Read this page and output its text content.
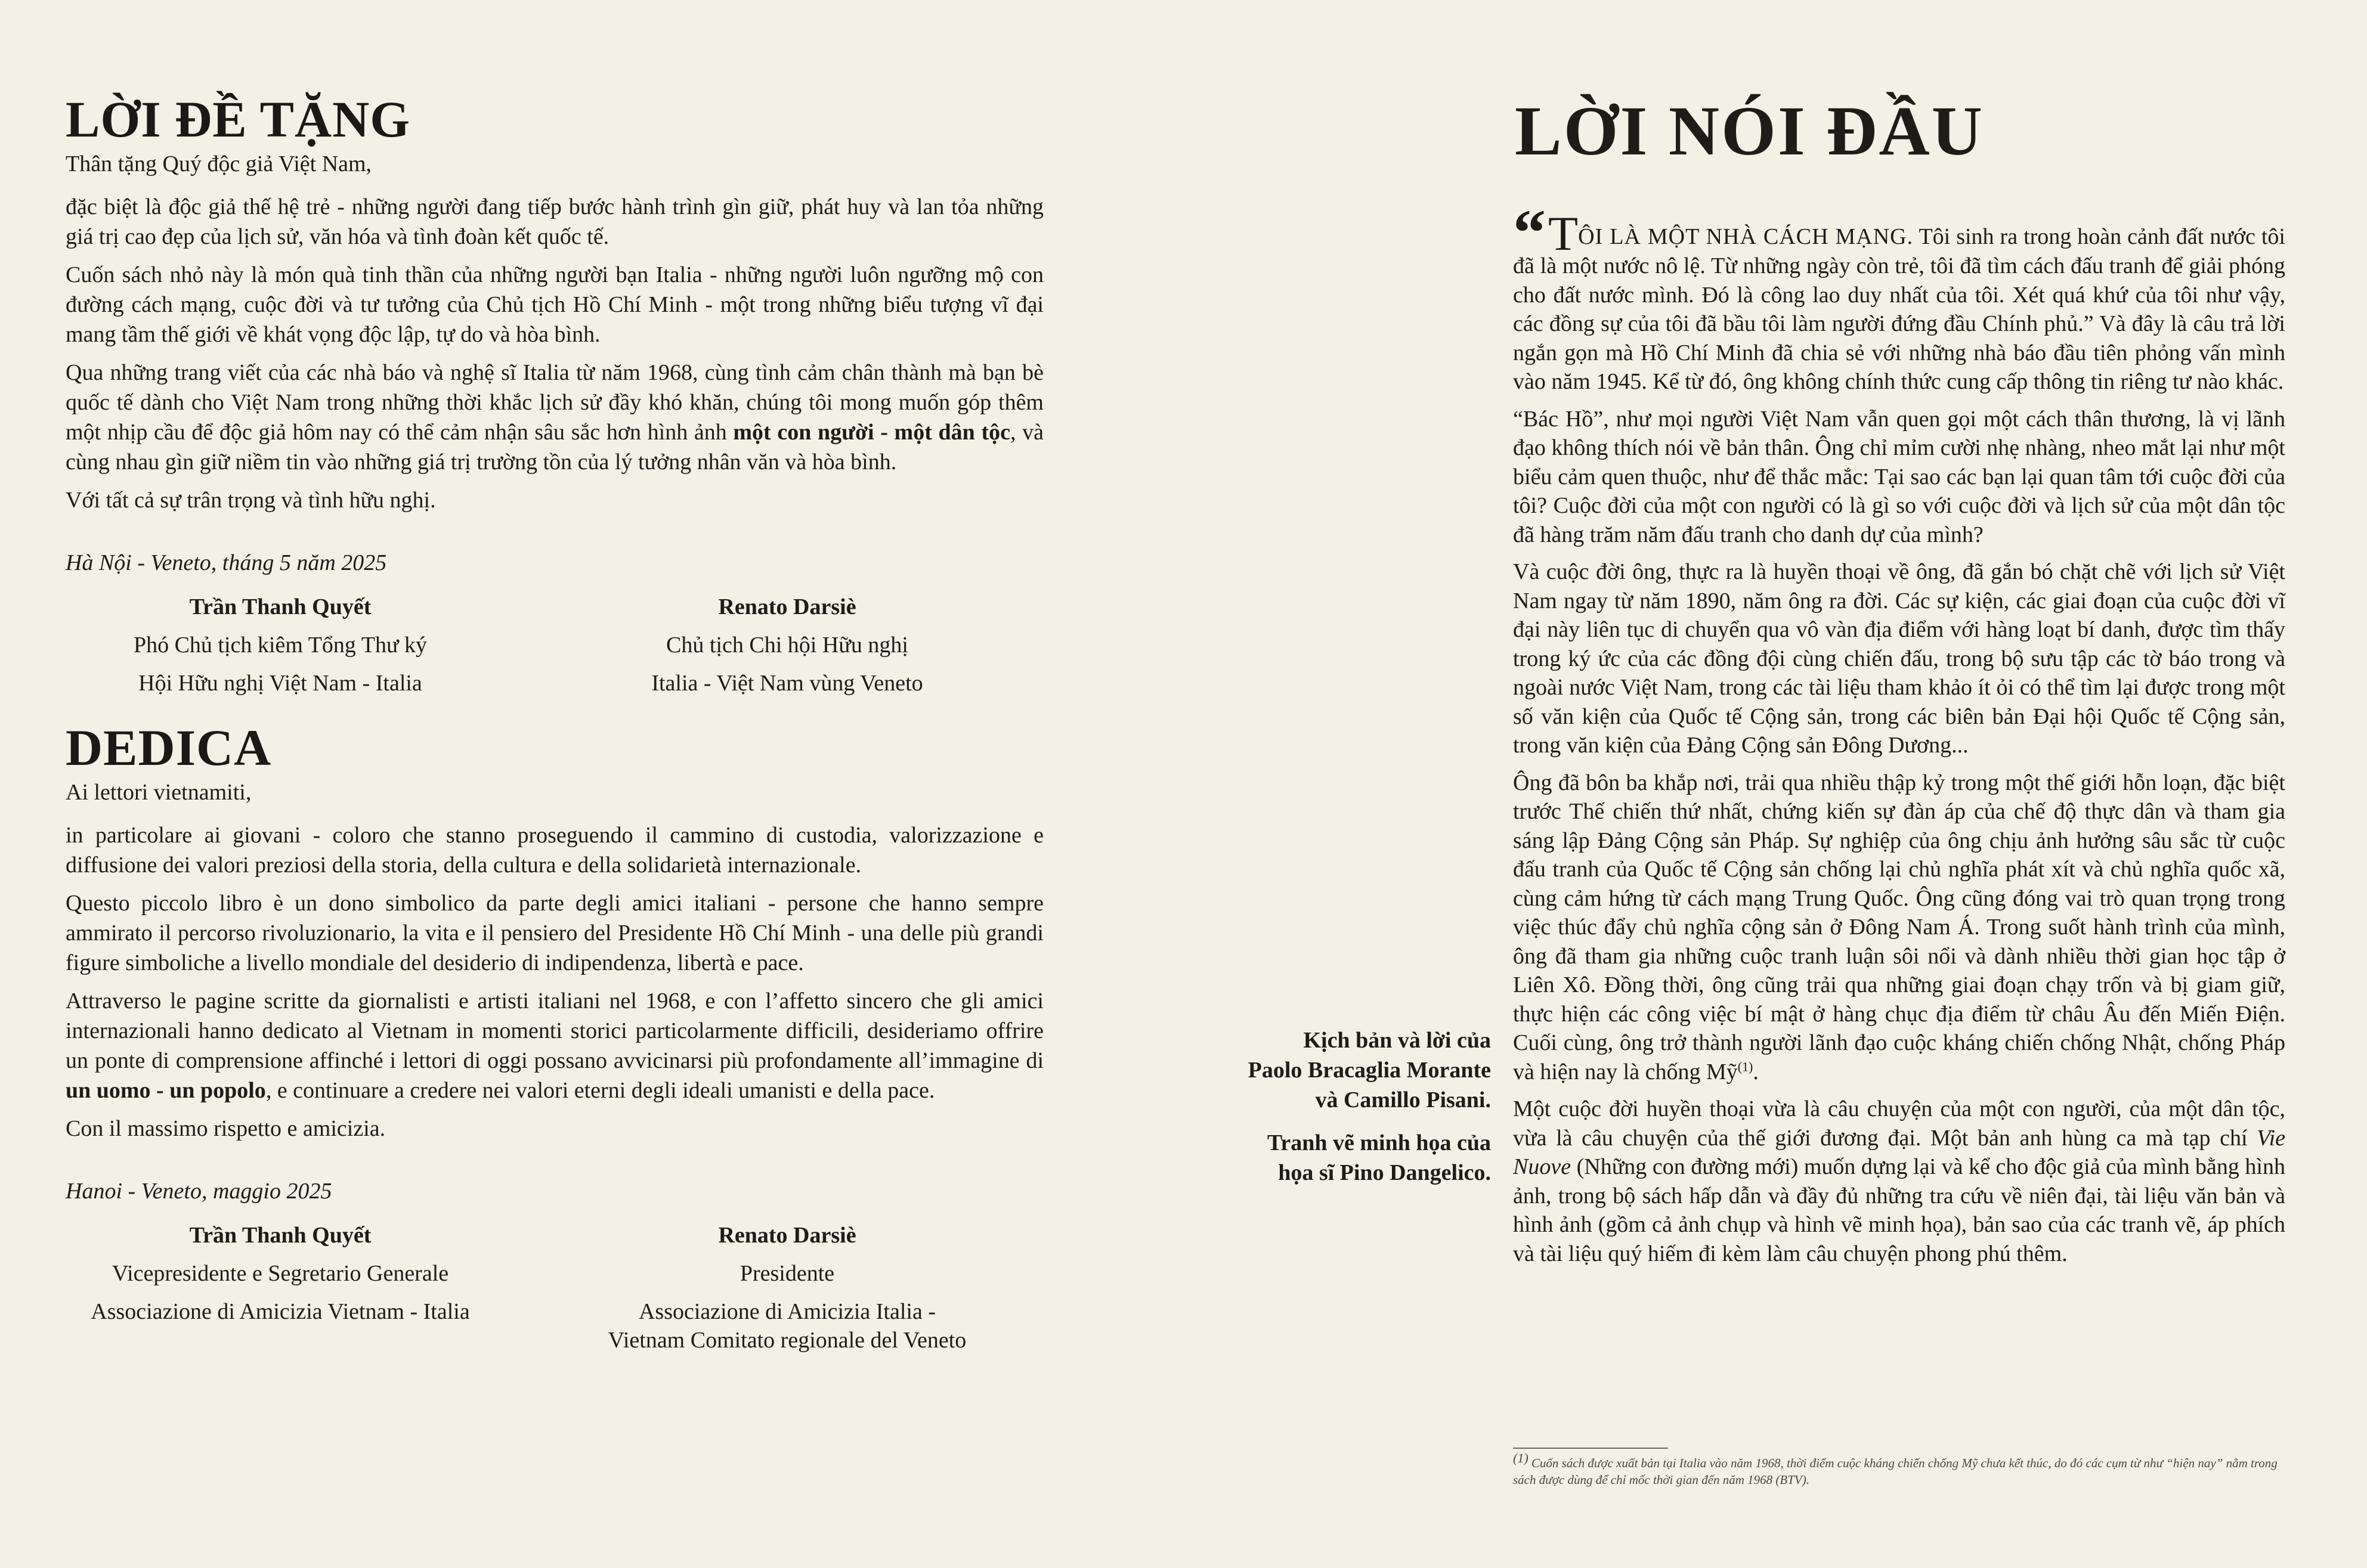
LỜI ĐỀ TẶNG

Thân tặng Quý độc giả Việt Nam,

đặc biệt là độc giả thế hệ trẻ - những người đang tiếp bước hành trình gìn giữ, phát huy và lan tỏa những giá trị cao đẹp của lịch sử, văn hóa và tình đoàn kết quốc tế.

Cuốn sách nhỏ này là món quà tinh thần của những người bạn Italia - những người luôn ngưỡng mộ con đường cách mạng, cuộc đời và tư tưởng của Chủ tịch Hồ Chí Minh - một trong những biểu tượng vĩ đại mang tầm thế giới về khát vọng độc lập, tự do và hòa bình.

Qua những trang viết của các nhà báo và nghệ sĩ Italia từ năm 1968, cùng tình cảm chân thành mà bạn bè quốc tế dành cho Việt Nam trong những thời khắc lịch sử đầy khó khăn, chúng tôi mong muốn góp thêm một nhịp cầu để độc giả hôm nay có thể cảm nhận sâu sắc hơn hình ảnh một con người - một dân tộc, và cùng nhau gìn giữ niềm tin vào những giá trị trường tồn của lý tưởng nhân văn và hòa bình.

Với tất cả sự trân trọng và tình hữu nghị.

Hà Nội - Veneto, tháng 5 năm 2025

Trần Thanh Quyết
Phó Chủ tịch kiêm Tổng Thư ký
Hội Hữu nghị Việt Nam - Italia
Renato Darsiè
Chủ tịch Chi hội Hữu nghị
Italia - Việt Nam vùng Veneto
DEDICA

Ai lettori vietnamiti,

in particolare ai giovani - coloro che stanno proseguendo il cammino di custodia, valorizzazione e diffusione dei valori preziosi della storia, della cultura e della solidarietà internazionale.

Questo piccolo libro è un dono simbolico da parte degli amici italiani - persone che hanno sempre ammirato il percorso rivoluzionario, la vita e il pensiero del Presidente Hồ Chí Minh - una delle più grandi figure simboliche a livello mondiale del desiderio di indipendenza, libertà e pace.

Attraverso le pagine scritte da giornalisti e artisti italiani nel 1968, e con l’affetto sincero che gli amici internazionali hanno dedicato al Vietnam in momenti storici particolarmente difficili, desideriamo offrire un ponte di comprensione affinché i lettori di oggi possano avvicinarsi più profondamente all’immagine di un uomo - un popolo, e continuare a credere nei valori eterni degli ideali umanisti e della pace.

Con il massimo rispetto e amicizia.

Hanoi - Veneto, maggio 2025

Trần Thanh Quyết
Vicepresidente e Segretario Generale
Associazione di Amicizia Vietnam - Italia
Renato Darsiè
Presidente
Associazione di Amicizia Italia -
Vietnam Comitato regionale del Veneto
LỜI NÓI ĐẦU

“TÔI LÀ MỘT NHÀ CÁCH MẠNG. Tôi sinh ra trong hoàn cảnh đất nước tôi đã là một nước nô lệ. Từ những ngày còn trẻ, tôi đã tìm cách đấu tranh để giải phóng cho đất nước mình. Đó là công lao duy nhất của tôi. Xét quá khứ của tôi như vậy, các đồng sự của tôi đã bầu tôi làm người đứng đầu Chính phủ.” Và đây là câu trả lời ngắn gọn mà Hồ Chí Minh đã chia sẻ với những nhà báo đầu tiên phỏng vấn mình vào năm 1945. Kể từ đó, ông không chính thức cung cấp thông tin riêng tư nào khác.

“Bác Hồ”, như mọi người Việt Nam vẫn quen gọi một cách thân thương, là vị lãnh đạo không thích nói về bản thân. Ông chỉ mỉm cười nhẹ nhàng, nheo mắt lại như một biểu cảm quen thuộc, như để thắc mắc: Tại sao các bạn lại quan tâm tới cuộc đời của tôi? Cuộc đời của một con người có là gì so với cuộc đời và lịch sử của một dân tộc đã hàng trăm năm đấu tranh cho danh dự của mình?

Và cuộc đời ông, thực ra là huyền thoại về ông, đã gắn bó chặt chẽ với lịch sử Việt Nam ngay từ năm 1890, năm ông ra đời. Các sự kiện, các giai đoạn của cuộc đời vĩ đại này liên tục di chuyển qua vô vàn địa điểm với hàng loạt bí danh, được tìm thấy trong ký ức của các đồng đội cùng chiến đấu, trong bộ sưu tập các tờ báo trong và ngoài nước Việt Nam, trong các tài liệu tham khảo ít ỏi có thể tìm lại được trong một số văn kiện của Quốc tế Cộng sản, trong các biên bản Đại hội Quốc tế Cộng sản, trong văn kiện của Đảng Cộng sản Đông Dương...

Ông đã bôn ba khắp nơi, trải qua nhiều thập kỷ trong một thế giới hỗn loạn, đặc biệt trước Thế chiến thứ nhất, chứng kiến sự đàn áp của chế độ thực dân và tham gia sáng lập Đảng Cộng sản Pháp. Sự nghiệp của ông chịu ảnh hưởng sâu sắc từ cuộc đấu tranh của Quốc tế Cộng sản chống lại chủ nghĩa phát xít và chủ nghĩa quốc xã, cùng cảm hứng từ cách mạng Trung Quốc. Ông cũng đóng vai trò quan trọng trong việc thúc đẩy chủ nghĩa cộng sản ở Đông Nam Á. Trong suốt hành trình của mình, ông đã tham gia những cuộc tranh luận sôi nổi và dành nhiều thời gian học tập ở Liên Xô. Đồng thời, ông cũng trải qua những giai đoạn chạy trốn và bị giam giữ, thực hiện các công việc bí mật ở hàng chục địa điểm từ châu Âu đến Miến Điện. Cuối cùng, ông trở thành người lãnh đạo cuộc kháng chiến chống Nhật, chống Pháp và hiện nay là chống Mỹ$^{(1)}$.

Một cuộc đời huyền thoại vừa là câu chuyện của một con người, của một dân tộc, vừa là câu chuyện của thế giới đương đại. Một bản anh hùng ca mà tạp chí Vie Nuove (Những con đường mới) muốn dựng lại và kể cho độc giả của mình bằng hình ảnh, trong bộ sách hấp dẫn và đầy đủ những tra cứu về niên đại, tài liệu văn bản và hình ảnh (gồm cả ảnh chụp và hình vẽ minh họa), bản sao của các tranh vẽ, áp phích và tài liệu quý hiếm đi kèm làm câu chuyện phong phú thêm.

Kịch bản và lời của Paolo Bracaglia Morante và Camillo Pisani.

Tranh vẽ minh họa của họa sĩ Pino Dangelico.

$^{(1)}$ Cuốn sách được xuất bản tại Italia vào năm 1968, thời điểm cuộc kháng chiến chống Mỹ chưa kết thúc, do đó các cụm từ như “hiện nay” nằm trong sách được dùng để chỉ mốc thời gian đến năm 1968 (BTV).
